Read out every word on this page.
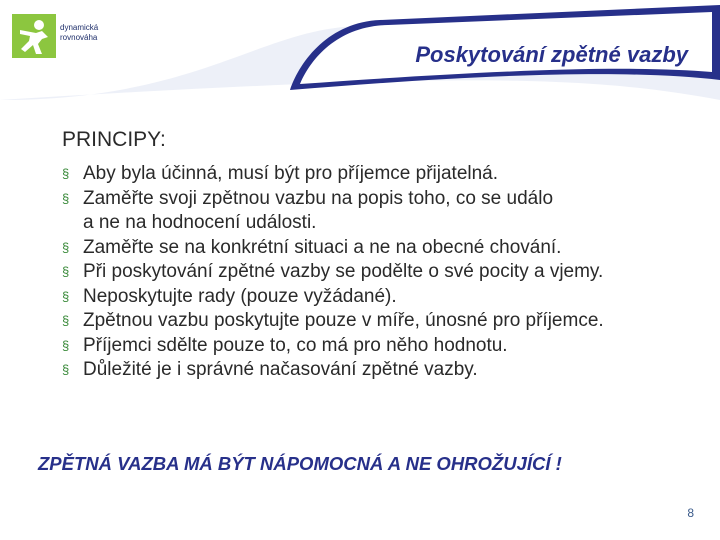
dynamická
rovnováha
Poskytování zpětné vazby
PRINCIPY:
§ Aby byla účinná, musí být pro příjemce přijatelná.
§ Zaměřte svoji zpětnou vazbu na popis toho, co se událo
a ne na hodnocení události.
§ Zaměřte se na konkrétní situaci a ne na obecné chování.
§ Při poskytování zpětné vazby se podělte o své pocity a vjemy.
§ Neposkytujte rady (pouze vyžádané).
§ Zpětnou vazbu poskytujte pouze v míře, únosné pro příjemce.
§ Příjemci sdělte pouze to, co má pro něho hodnotu.
§ Důležité je i správné načasování zpětné vazby.
ZPĚTNÁ VAZBA MÁ BÝT NÁPOMOCNÁ A NE OHROŽUJÍCÍ !
8
